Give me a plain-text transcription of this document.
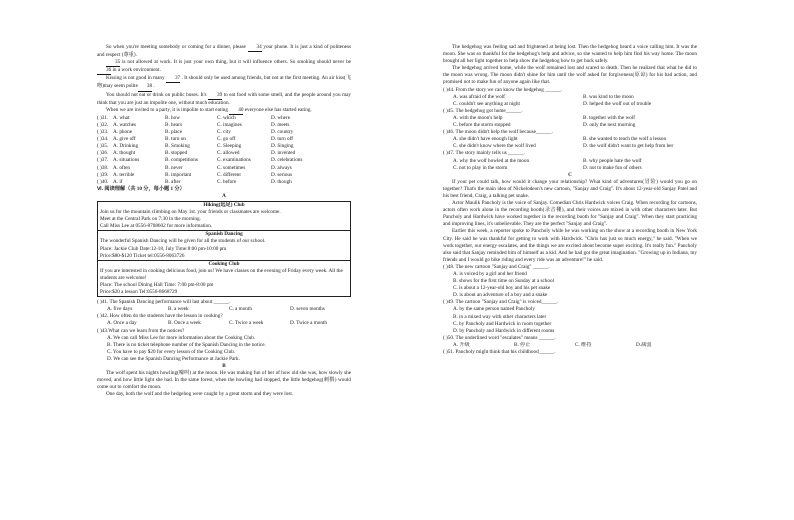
So when you're meeting somebody or coming for a dinner, please 34 your phone. It is just a kind of politeness and respect (尊重).

35 is not allowed at work. It is just your own thing, but it will influence others. So smoking should never be36 in a work environment.

Kissing is not good in many 37 . It should only be used among friends, but not at the first meeting. An air kiss(飞吻)may seem polite 38 .

You should not eat or drink on public buses. It's 39 to eat food with some smell, and the people around you may think that you are just an impolite one, without much education.

When we are invited to a party, it is impolite to start eating 40 everyone else has started eating.

( )31. A. what	B. how	C. which	D. where
( )32. A. watches	B. hears	C. imagines	D. meets
( )33. A. phone	B. place	C. city	D. country
( )34. A. give off	B. turn on	C. go off	D. turn off
( )35. A. Drinking	B. Smoking	C. Sleeping	D. Singing
( )36. A. thought	B. stopped	C. allowed	D. invented
( )37. A. situations	B. competitions	C. examinations	D. celebrations
( )38. A. often	B. never	C. sometimes	D. always
( )39. A. terrible	B. important	C. different	D. serious
( )40. A. if	B. after	C. before	D. though
Ⅵ. 阅读理解（共 10 分，每小题 1 分）
A
Hiking(远足) Club
Join us for the mountain climbing on May 1st. your friends or classmates are welcome.
Meet at the Central Park on 7:30 in the morning.
Call Miss Lee at 0556-8708602 for more information.
Spanish Dancing
The wonderful Spanish Dancing will be given for all the students of our school.
Place: Jackie Club Date:12-18, July Time:8:00 pm-10:00 pm
Price:$80-$120 Ticket tel:0556-8063726
Cooking Club
If you are interested in cooking delicious food, join us! We have classes on the evening of Friday every week. All the students are welcome!
Place: The school Dining Hall Time: 7:00 pm-8:00 pm
Price:$20 a lesson Tel:0556-8668729
( )41. The Spanish Dancing performance will last about ______.
A. five days	B. a week	C. a month	D. seven months
( )42. How often do the students have the lesson in cooking?
A. Once a day	B. Once a week	C. Twice a week	D. Twice a month
( )43.What can we learn from the notices?
A. We can call Miss Lee for more information about the Cooking Club.
B. There is no ticket telephone number of the Spanish Dancing in the notice.
C. You have to pay $20 for every lesson of the Cooking Club.
D. We can see the Spanish Dancing Performance at Jackie Park.
B

The wolf spent his nights howling(嚎叫) at the moon. He was making fun of her of how old she was, how slowly she moved, and how little light she had. In the same forest, when the howling had stopped, the little hedgehog(刺猬) would come out to comfort the moon.

One day, both the wolf and the hedgehog were caught by a great storm and they were lost.

The hedgehog was feeling sad and frightened at being lost. Then the hedgehog heard a voice calling him. It was the moon. She was so thankful for the hedgehog's help and advice, so she wanted to help him find his way home. The moon brought all her light together to help show the hedgehog how to get back safely.

The hedgehog arrived home, while the wolf remained lost and scared to death. Then he realized that what he did to the moon was wrong. The moon didn't shine for him until the wolf asked for forgiveness(原谅) for his bad action, and promised not to make fun of anyone again like that.

( )44. From the story we can know the hedgehog ______.
A. was afraid of the wolf	B. was kind to the moon
C. couldn't see anything at night	D. helped the wolf out of trouble
( )45. The hedgehog got home______.
A. with the moon's help	B. together with the wolf
C. before the storm stopped	D. only the next morning
( )46. The moon didn't help the wolf because______.
A. she didn't have enough light	B. she wanted to teach the wolf a lesson
C. she didn't know where the wolf lived	D. the wolf didn't want to get help from her
( )47. The story mainly tells us ______.
A. why the wolf howled at the moon	B. why people hate the wolf
C. not to play in the storm	D. not to make fun of others
C

If your pet could talk, how would it change your relationship? What kind of adventures(冒险) would you go on together? That's the main idea of Nickelodeon's new cartoon, "Sanjay and Craig". It's about 12-year-old Sanjay Patel and his best friend, Craig, a talking pet snake.

Actor Maulik Pancholy is the voice of Sanjay. Comedian Chris Hardwick voices Craig. When recording for cartoons, actors often work alone in the recording booth(录音棚), and their voices are mixed in with other characters later. But Pancholy and Hardwick have worked together in the recording booth for "Sanjay and Craig". When they start practicing and improving lines, it's unbelievable. They are the perfect "Sanjay and Craig".

Earlier this week, a reporter spoke to Pancholy while he was working on the show at a recording booth in New York City. He said he was thankful for getting to work with Hardwick. "Chris has just so much energy," he said. "When we work together, our energy escalates, and the things we are excited about become super exciting. It's really fun." Pancholy also said that Sanjay reminded him of himself as a kid. And he had got the great imagination. "Growing up in Indiana, my friends and I would go bike riding and every ride was an adventure!" he said.

( )48. The new cartoon "Sanjay and Craig" ______.
A. is voiced by a girl and her friend
B. shows for the first time on Sunday at a school
C. is about a 12-year-old boy and his pet snake
D. is about an adventure of a boy and a snake
( )49. The cartoon "Sanjay and Craig" is voiced______.
A. by the same person named Pancholy
B. in a mixed way with other characters later
C. by Pancholy and Hardwick in room together
D. by Pancholy and Hardwick in different rooms
( )50. The underlined word "escalates" means ______.
A. 升级	B. 停止	C. 维持	D.减弱
( )51. Pancholy might think that his childhood______.
